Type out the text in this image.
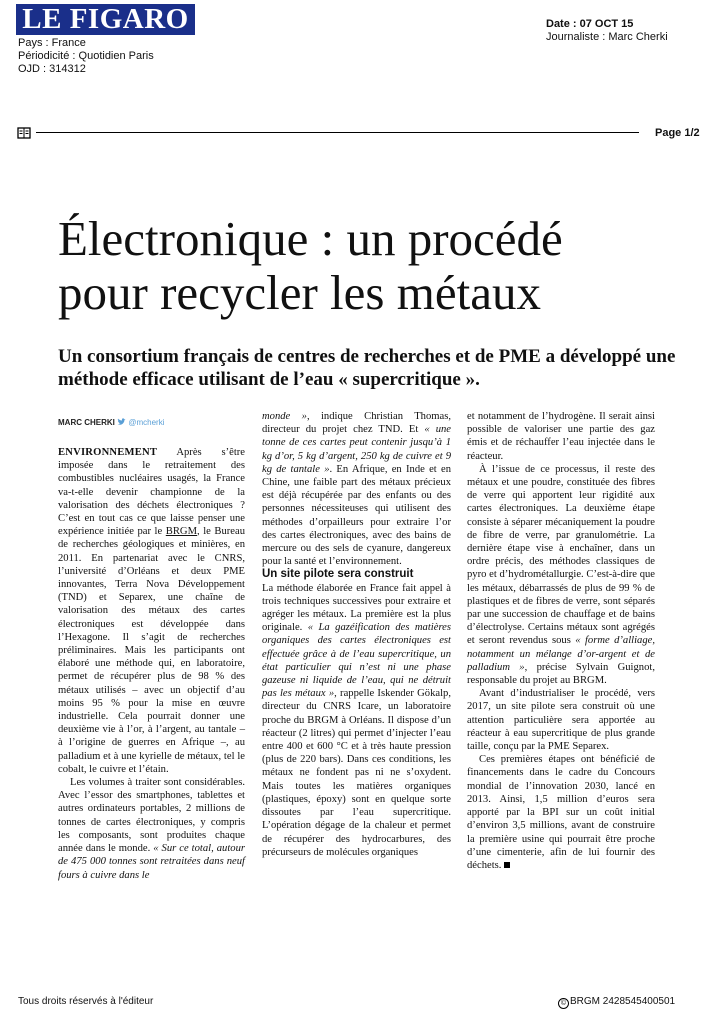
LE FIGARO
Pays : France
Périodicité : Quotidien Paris
OJD : 314312
Date : 07 OCT 15
Journaliste : Marc Cherki
Page 1/2
Électronique : un procédé
pour recycler les métaux
Un consortium français de centres de recherches et de PME a développé une méthode efficace utilisant de l’eau « supercritique ».
MARC CHERKI @mcherki

ENVIRONNEMENT Après s’être imposée dans le retraitement des combustibles nucléaires usagés, la France va-t-elle devenir championne de la valorisation des déchets électroniques ? C’est en tout cas ce que laisse penser une expérience initiée par le BRGM, le Bureau de recherches géologiques et minières, en 2011. En partenariat avec le CNRS, l’université d’Orléans et deux PME innovantes, Terra Nova Développement (TND) et Separex, une chaîne de valorisation des métaux des cartes électroniques est développée dans l’Hexagone. Il s’agit de recherches préliminaires. Mais les participants ont élaboré une méthode qui, en laboratoire, permet de récupérer plus de 98 % des métaux utilisés – avec un objectif d’au moins 95 % pour la mise en œuvre industrielle. Cela pourrait donner une deuxième vie à l’or, à l’argent, au tantale – à l’origine de guerres en Afrique –, au palladium et à une kyrielle de métaux, tel le cobalt, le cuivre et l’étain.

Les volumes à traiter sont considérables. Avec l’essor des smartphones, tablettes et autres ordinateurs portables, 2 millions de tonnes de cartes électroniques, y compris les composants, sont produites chaque année dans le monde. « Sur ce total, autour de 475 000 tonnes sont retraitées dans neuf fours à cuivre dans le

monde », indique Christian Thomas, directeur du projet chez TND. Et « une tonne de ces cartes peut contenir jusqu’à 1 kg d’or, 5 kg d’argent, 250 kg de cuivre et 9 kg de tantale ». En Afrique, en Inde et en Chine, une faible part des métaux précieux est déjà récupérée par des enfants ou des personnes nécessiteuses qui utilisent des méthodes d’orpailleurs pour extraire l’or des cartes électroniques, avec des bains de mercure ou des sels de cyanure, dangereux pour la santé et l’environnement.

Un site pilote sera construit

La méthode élaborée en France fait appel à trois techniques successives pour extraire et agréger les métaux. La première est la plus originale. « La gazéification des matières organiques des cartes électroniques est effectuée grâce à de l’eau supercritique, un état particulier qui n’est ni une phase gazeuse ni liquide de l’eau, qui ne détruit pas les métaux », rappelle Iskender Gökalp, directeur du CNRS Icare, un laboratoire proche du BRGM à Orléans. Il dispose d’un réacteur (2 litres) qui permet d’injecter l’eau entre 400 et 600 °C et à très haute pression (plus de 220 bars). Dans ces conditions, les métaux ne fondent pas ni ne s’oxydent. Mais toutes les matières organiques (plastiques, époxy) sont en quelque sorte dissoutes par l’eau supercritique. L’opération dégage de la chaleur et permet de récupérer des hydrocarbures, des précurseurs de molécules organiques

et notamment de l’hydrogène. Il serait ainsi possible de valoriser une partie des gaz émis et de réchauffer l’eau injectée dans le réacteur.

À l’issue de ce processus, il reste des métaux et une poudre, constituée des fibres de verre qui apportent leur rigidité aux cartes électroniques. La deuxième étape consiste à séparer mécaniquement la poudre de fibre de verre, par granulométrie. La dernière étape vise à enchaîner, dans un ordre précis, des méthodes classiques de pyro et d’hydrométallurgie. C’est-à-dire que les métaux, débarrassés de plus de 99 % de plastiques et de fibres de verre, sont séparés par une succession de chauffage et de bains d’électrolyse. Certains métaux sont agrégés et seront revendus sous « forme d’alliage, notamment un mélange d’or-argent et de palladium », précise Sylvain Guignot, responsable du projet au BRGM.

Avant d’industrialiser le procédé, vers 2017, un site pilote sera construit où une attention particulière sera apportée au réacteur à eau supercritique de plus grande taille, conçu par la PME Separex.

Ces premières étapes ont bénéficié de financements dans le cadre du Concours mondial de l’innovation 2030, lancé en 2013. Ainsi, 1,5 million d’euros sera apporté par la BPI sur un coût initial d’environ 3,5 millions, avant de construire la première usine qui pourrait être proche d’une cimenterie, afin de lui fournir des déchets.

Tous droits réservés à l'éditeur	© BRGM 2428545400501
